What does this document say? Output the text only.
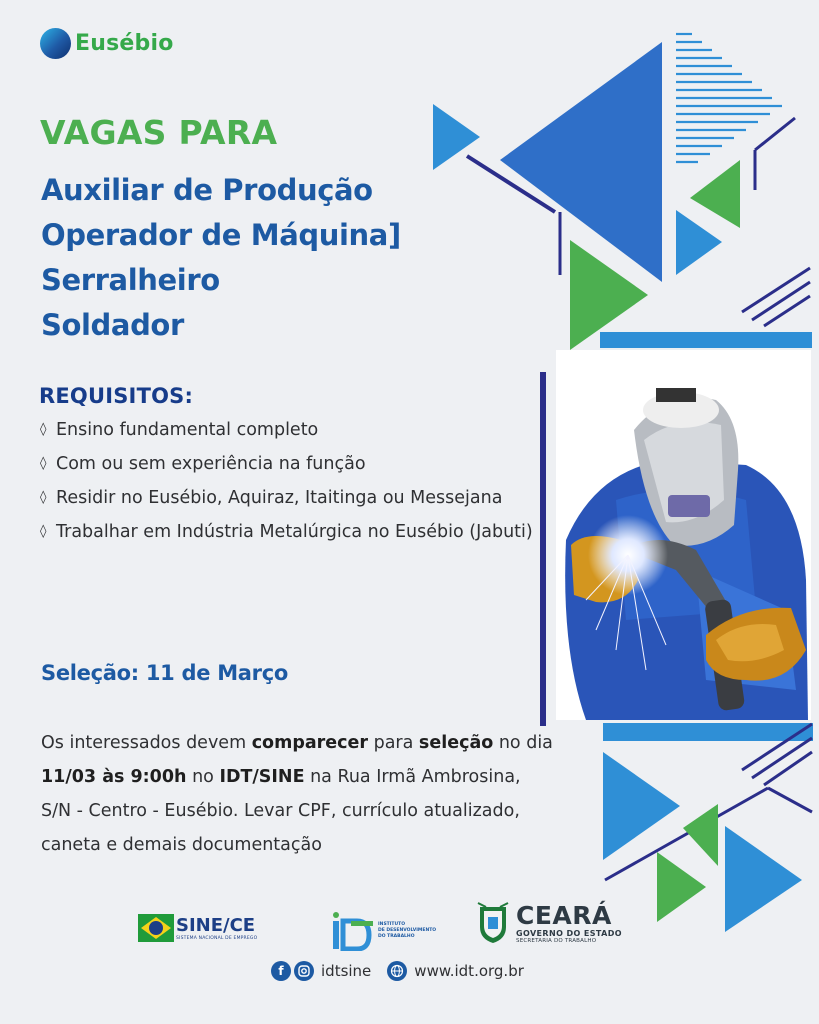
Eusébio
VAGAS PARA
Auxiliar de Produção
Operador de Máquina]
Serralheiro
Soldador
REQUISITOS:
◊ Ensino fundamental completo
◊ Com ou sem experiência na função
◊ Residir no Eusébio, Aquiraz, Itaitinga ou Messejana
◊ Trabalhar em Indústria Metalúrgica no Eusébio (Jabuti)
Seleção: 11 de Março

Os interessados devem comparecer para seleção no dia 11/03 às 9:00h no IDT/SINE na Rua Irmã Ambrosina, S/N - Centro - Eusébio. Levar CPF, currículo atualizado, caneta e demais documentação

SINE/CE
SISTEMA NACIONAL DE EMPREGO
INSTITUTO
DE DESENVOLVIMENTO
DO TRABALHO
CEARÁ
GOVERNO DO ESTADO
SECRETARIA DO TRABALHO
f	idtsine	www.idt.org.br
